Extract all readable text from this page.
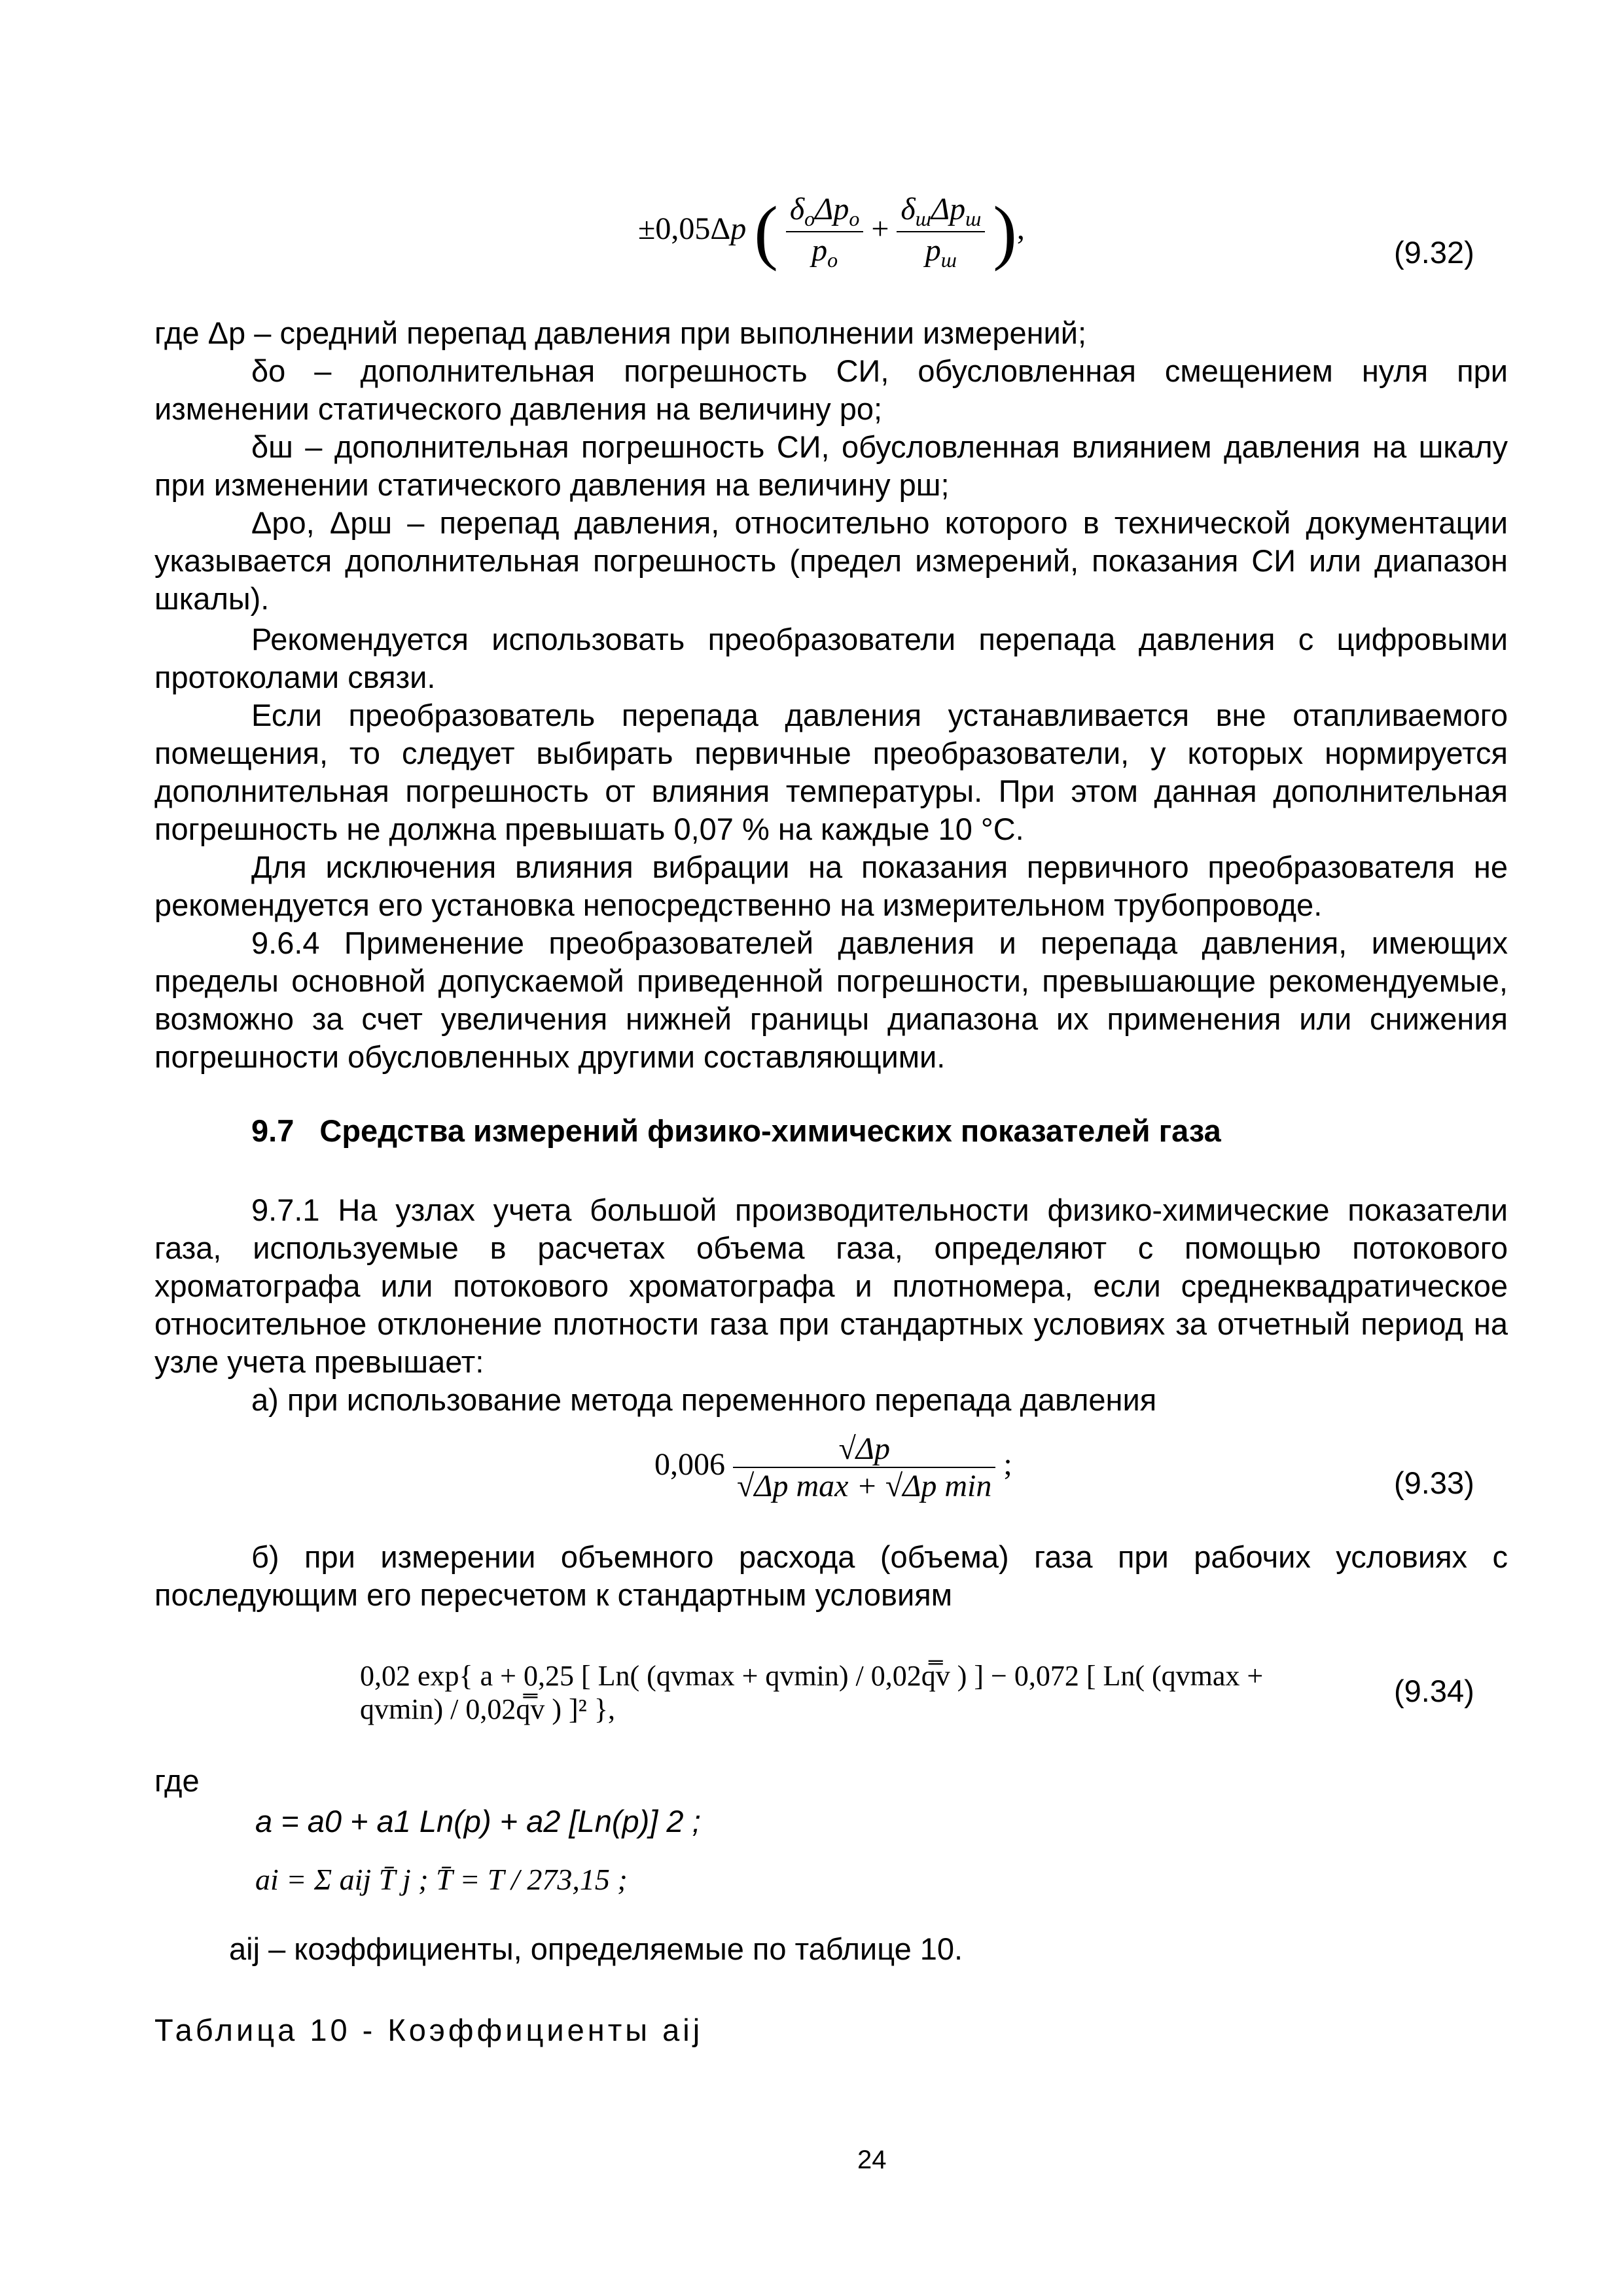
±0,05Δp ( $\frac{\delta_o\Delta p_o}{p_o} + \frac{\delta_ш\Delta p_ш}{p_ш}$ ),
(9.32)

где Δр – средний перепад давления при выполнении измерений;

δо – дополнительная погрешность СИ, обусловленная смещением нуля при изменении статического давления на величину ро;

δш – дополнительная погрешность СИ, обусловленная влиянием давления на шкалу при изменении статического давления на величину рш;

Δро, Δрш – перепад давления, относительно которого в технической документации указывается дополнительная погрешность (предел измерений, показания СИ или диапазон шкалы).

Рекомендуется использовать преобразователи перепада давления с цифровыми протоколами связи.

Если преобразователь перепада давления устанавливается вне отапливаемого помещения, то следует выбирать первичные преобразователи, у которых нормируется дополнительная погрешность от влияния температуры. При этом данная дополнительная погрешность не должна превышать 0,07 % на каждые 10 °С.

Для исключения влияния вибрации на показания первичного преобразователя не рекомендуется его установка непосредственно на измерительном трубопроводе.

9.6.4 Применение преобразователей давления и перепада давления, имеющих пределы основной допускаемой приведенной погрешности, превышающие рекомендуемые, возможно за счет увеличения нижней границы диапазона их применения или снижения погрешности обусловленных другими составляющими.

9.7 Средства измерений физико-химических показателей газа

9.7.1 На узлах учета большой производительности физико-химические показатели газа, используемые в расчетах объема газа, определяют с помощью потокового хроматографа или потокового хроматографа и плотномера, если среднеквадратическое относительное отклонение плотности газа при стандартных условиях за отчетный период на узле учета превышает:

а) при использование метода переменного перепада давления

$0,006 \frac{√\Delta p}{\text{√Δp max + √Δp min}}$ ;
(9.33)

б) при измерении объемного расхода (объема) газа при рабочих условиях с последующим его пересчетом к стандартным условиям

0,02 exp{ a + 0,25 [ Ln( (qvmax + qvmin) / 0,02q̿v ) ] − 0,072 [ Ln( (qvmax + qvmin) / 0,02q̿v ) ]² },
(9.34)
где
a = a0 + a1 Ln(p) + a2 [Ln(p)] 2 ;
ai = Σ aij T̄ j ; T̄ = T / 273,15 ;
aij – коэффициенты, определяемые по таблице 10.
Таблица 10 - Коэффициенты aij
24
